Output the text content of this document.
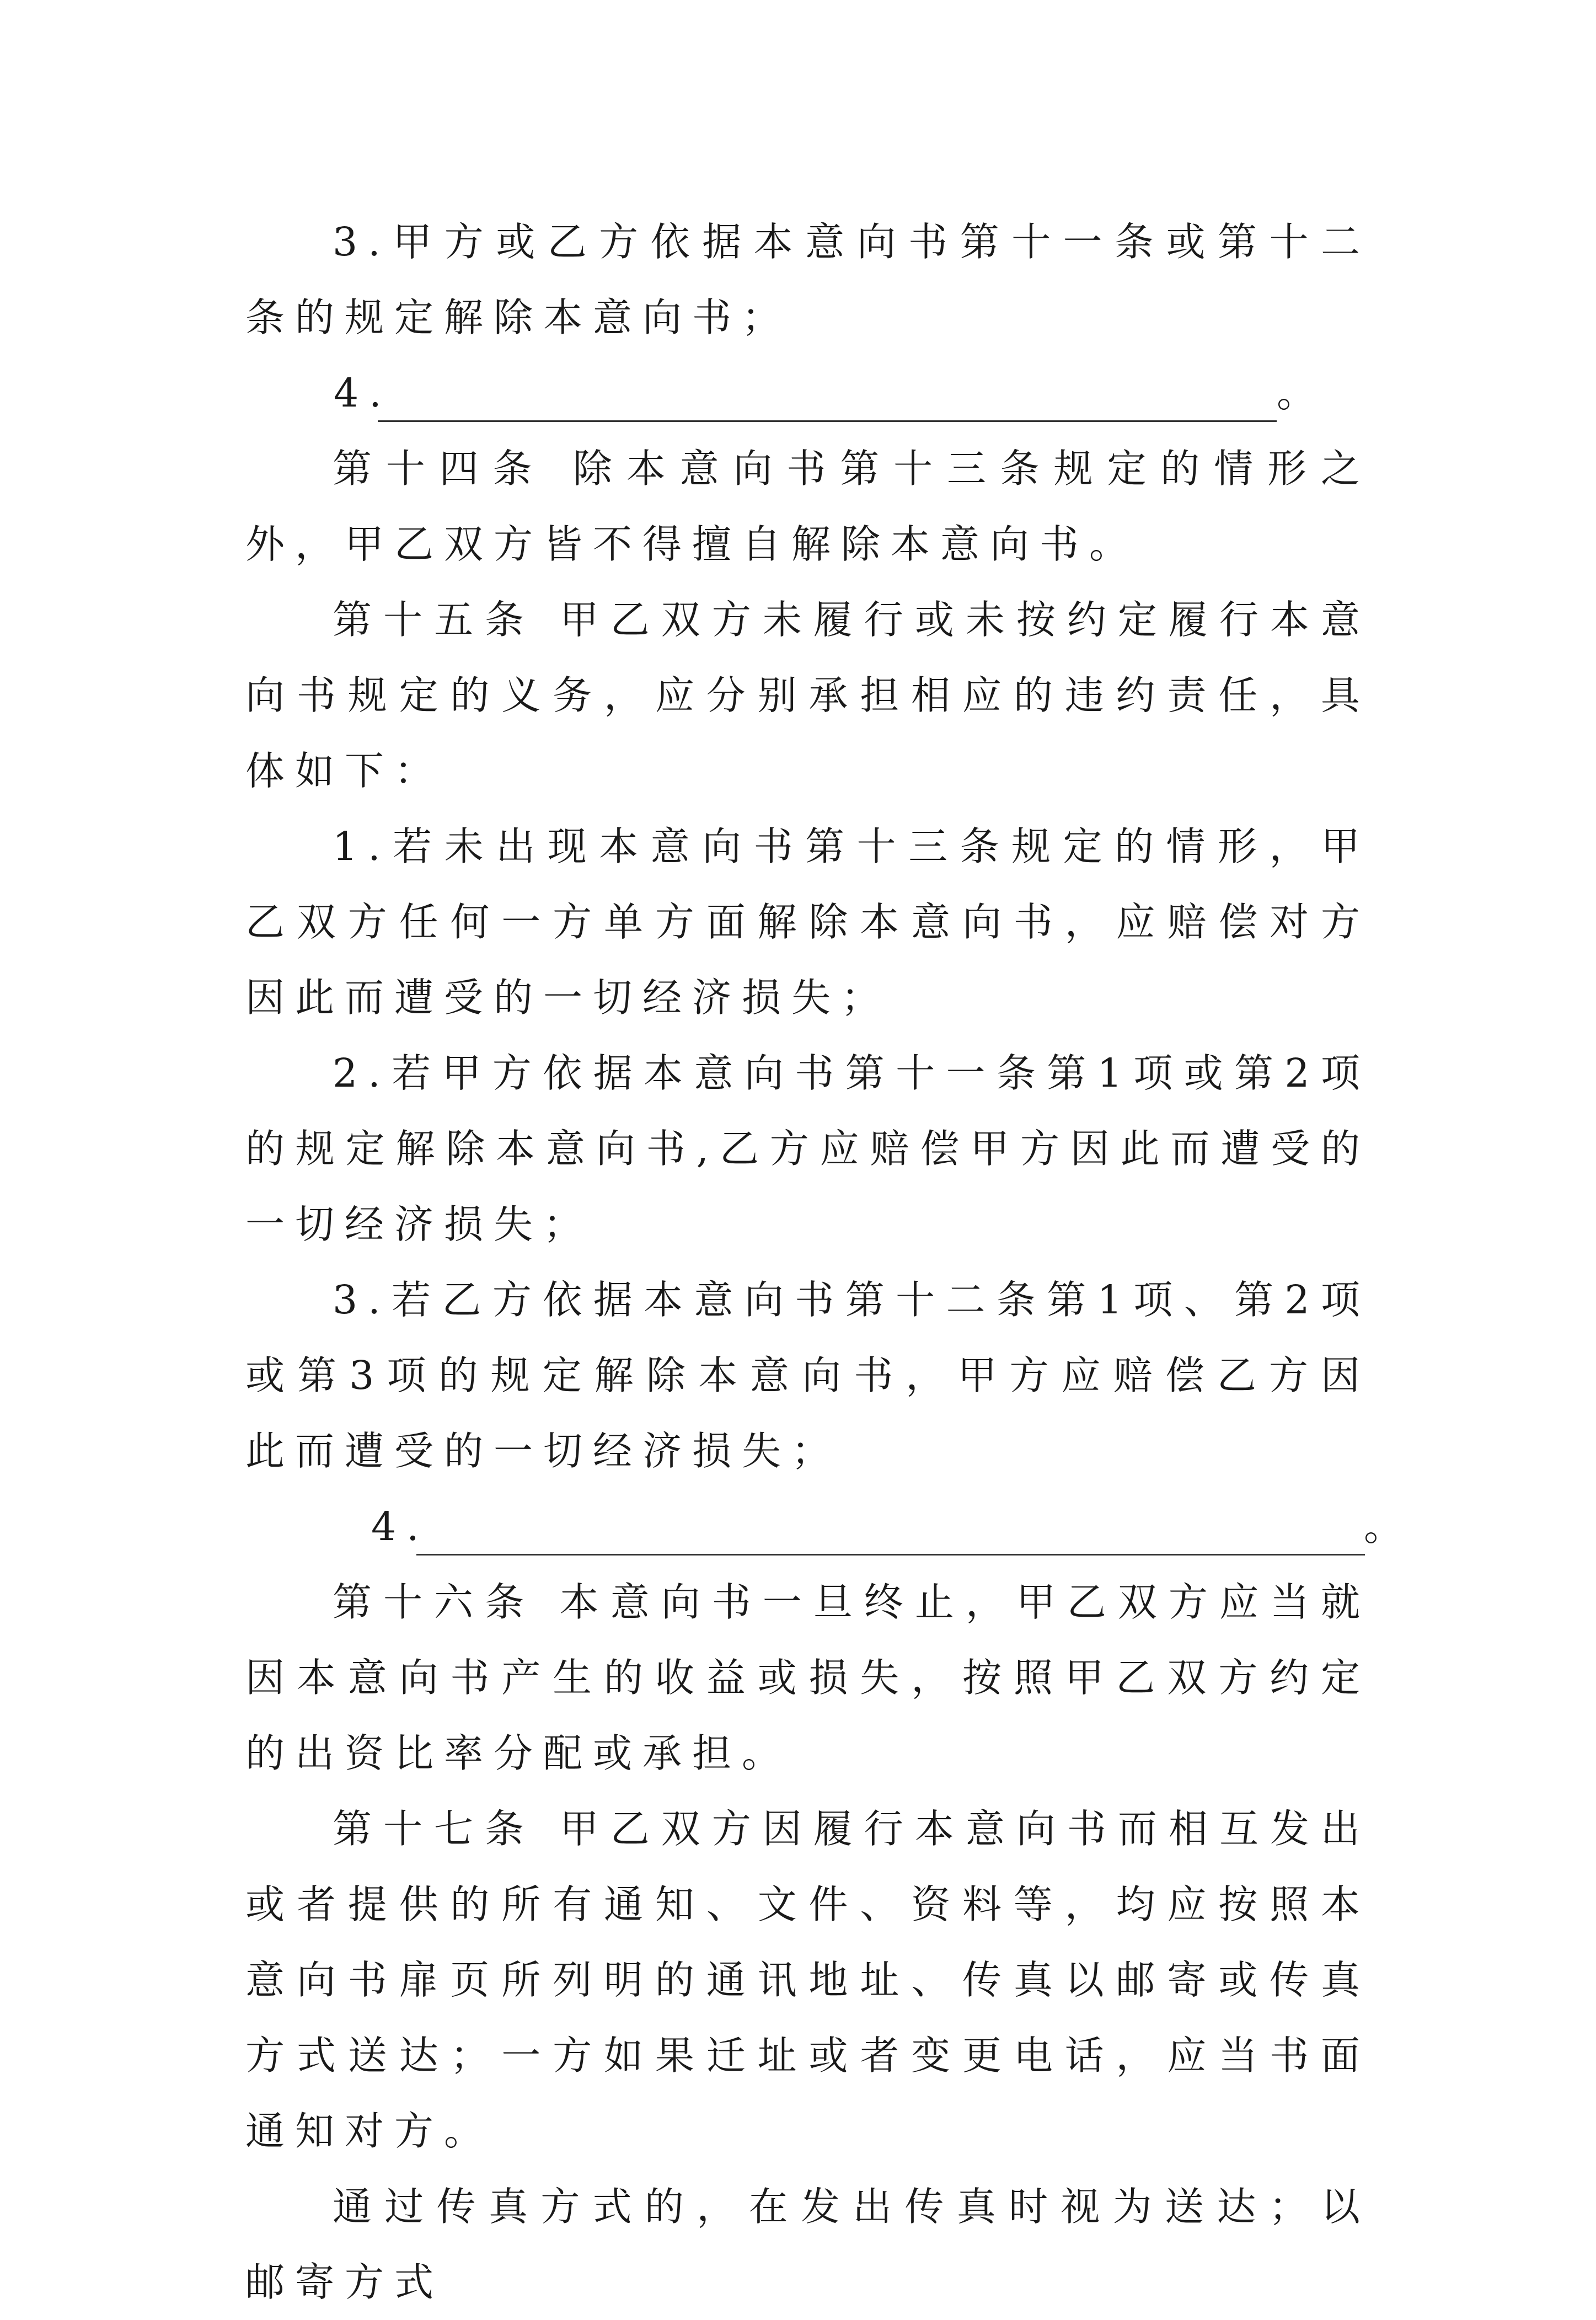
3.甲方或乙方依据本意向书第十一条或第十二条的规定解除本意向书；

4.	。

第十四条 除本意向书第十三条规定的情形之外，甲乙双方皆不得擅自解除本意向书。

第十五条 甲乙双方未履行或未按约定履行本意向书规定的义务，应分别承担相应的违约责任，具体如下：

1.若未出现本意向书第十三条规定的情形，甲乙双方任何一方单方面解除本意向书，应赔偿对方因此而遭受的一切经济损失；

2.若甲方依据本意向书第十一条第1项或第2项的规定解除本意向书,乙方应赔偿甲方因此而遭受的一切经济损失；

3.若乙方依据本意向书第十二条第1项、第2项或第3项的规定解除本意向书，甲方应赔偿乙方因此而遭受的一切经济损失；

4.	。

第十六条 本意向书一旦终止，甲乙双方应当就因本意向书产生的收益或损失，按照甲乙双方约定的出资比率分配或承担。

第十七条 甲乙双方因履行本意向书而相互发出或者提供的所有通知、文件、资料等，均应按照本意向书扉页所列明的通讯地址、传真以邮寄或传真方式送达；一方如果迁址或者变更电话，应当书面通知对方。

通过传真方式的，在发出传真时视为送达；以邮寄方式
